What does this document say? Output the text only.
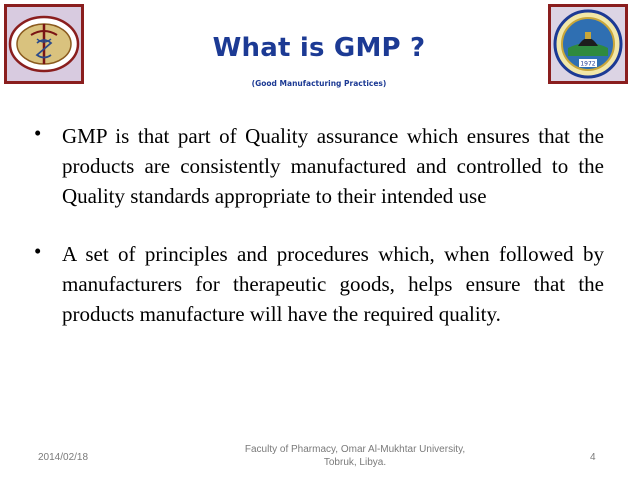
1972
What is GMP ?
(Good Manufacturing Practices)
• GMP is that part of Quality assurance which ensures that the products are consistently manufactured and controlled to the Quality standards appropriate to their intended use
• A set of principles and procedures which, when followed by manufacturers for therapeutic goods, helps ensure that the products manufacture will have the required quality.
2014/02/18
Faculty of Pharmacy, Omar Al-Mukhtar University,
Tobruk, Libya.	4
